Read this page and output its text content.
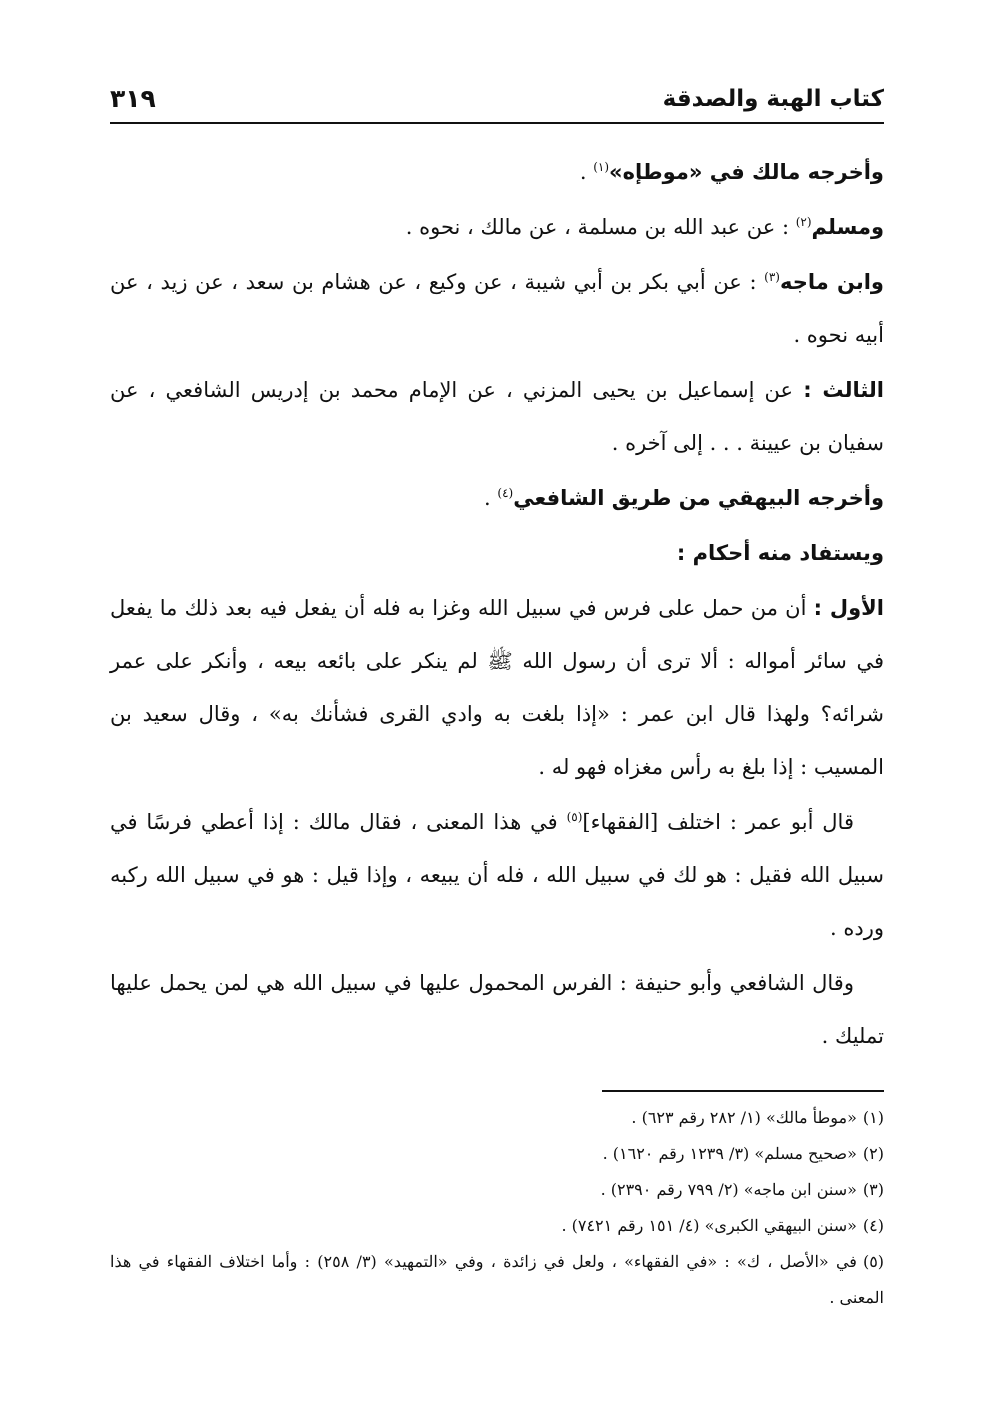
كتاب الهبة والصدقة
٣١٩

وأخرجه مالك في «موطإه»$^{(١)}$ .

ومسلم$^{(٢)}$ : عن عبد الله بن مسلمة ، عن مالك ، نحوه .

وابن ماجه$^{(٣)}$ : عن أبي بكر بن أبي شيبة ، عن وكيع ، عن هشام بن سعد ، عن زيد ، عن أبيه نحوه .

الثالث : عن إسماعيل بن يحيى المزني ، عن الإمام محمد بن إدريس الشافعي ، عن سفيان بن عيينة . . . إلى آخره .

وأخرجه البيهقي من طريق الشافعي$^{(٤)}$ .

ويستفاد منه أحكام :

الأول : أن من حمل على فرس في سبيل الله وغزا به فله أن يفعل فيه بعد ذلك ما يفعل في سائر أمواله : ألا ترى أن رسول الله ﷺ لم ينكر على بائعه بيعه ، وأنكر على عمر شرائه؟ ولهذا قال ابن عمر : «إذا بلغت به وادي القرى فشأنك به» ، وقال سعيد بن المسيب : إذا بلغ به رأس مغزاه فهو له .

قال أبو عمر : اختلف [الفقهاء]$^{(٥)}$ في هذا المعنى ، فقال مالك : إذا أعطي فرسًا في سبيل الله فقيل : هو لك في سبيل الله ، فله أن يبيعه ، وإذا قيل : هو في سبيل الله ركبه ورده .

وقال الشافعي وأبو حنيفة : الفرس المحمول عليها في سبيل الله هي لمن يحمل عليها تمليك .

(١)«موطأ مالك» (١/ ٢٨٢ رقم ٦٢٣) .

(٢)«صحيح مسلم» (٣/ ١٢٣٩ رقم ١٦٢٠) .

(٣)«سنن ابن ماجه» (٢/ ٧٩٩ رقم ٢٣٩٠) .

(٤)«سنن البيهقي الكبرى» (٤/ ١٥١ رقم ٧٤٢١) .

(٥)في «الأصل ، ك» : «في الفقهاء» ، ولعل في زائدة ، وفي «التمهيد» (٣/ ٢٥٨) : وأما اختلاف الفقهاء في هذا المعنى .
